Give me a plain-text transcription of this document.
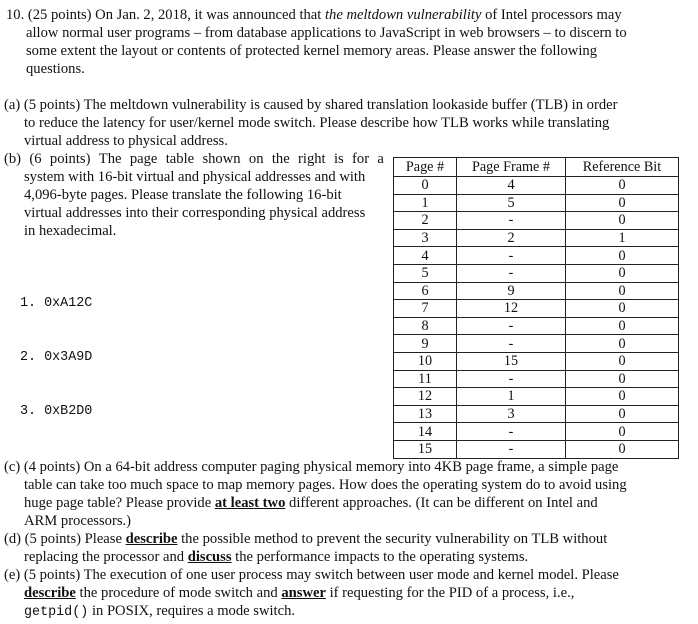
10. (25 points) On Jan. 2, 2018, it was announced that the meltdown vulnerability of Intel processors may
allow normal user programs – from database applications to JavaScript in web browsers – to discern to
some extent the layout or contents of protected kernel memory areas. Please answer the following
questions.
(a) (5 points) The meltdown vulnerability is caused by shared translation lookaside buffer (TLB) in order
to reduce the latency for user/kernel mode switch. Please describe how TLB works while translating
virtual address to physical address.
(b) (6 points) The page table shown on the right is for a
system with 16-bit virtual and physical addresses and with
4,096-byte pages. Please translate the following 16-bit
virtual addresses into their corresponding physical address
in hexadecimal.

1. 0xA12C

2. 0x3A9D

3. 0xB2D0

Page #	Page Frame #	Reference Bit
0	4	0
1	5	0
2	-	0
3	2	1
4	-	0
5	-	0
6	9	0
7	12	0
8	-	0
9	-	0
10	15	0
11	-	0
12	1	0
13	3	0
14	-	0
15	-	0
(c) (4 points) On a 64-bit address computer paging physical memory into 4KB page frame, a simple page
table can take too much space to map memory pages. How does the operating system do to avoid using
huge page table? Please provide at least two different approaches. (It can be different on Intel and
ARM processors.)
(d) (5 points) Please describe the possible method to prevent the security vulnerability on TLB without
replacing the processor and discuss the performance impacts to the operating systems.
(e) (5 points) The execution of one user process may switch between user mode and kernel model. Please
describe the procedure of mode switch and answer if requesting for the PID of a process, i.e.,
getpid() in POSIX, requires a mode switch.
